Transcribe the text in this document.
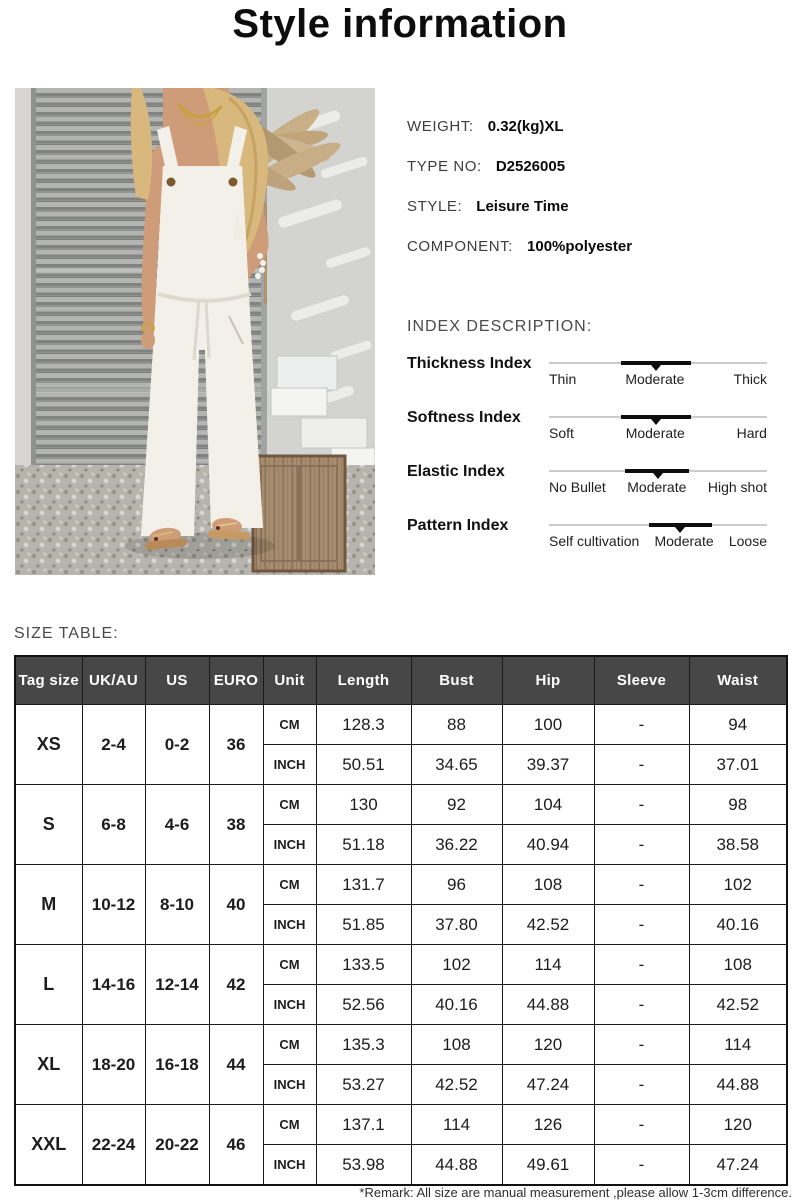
Style information
WEIGHT: 0.32(kg)XL
TYPE NO: D2526005
STYLE: Leisure Time
COMPONENT: 100%polyester
INDEX DESCRIPTION:
Thickness Index
Thin	Moderate	Thick
Softness Index
Soft	Moderate	Hard
Elastic Index
No Bullet Moderate High shot
Pattern Index
Self cultivation Moderate Loose
SIZE TABLE:
Tag size	UK/AU	US	EURO	Unit	Length	Bust	Hip	Sleeve	Waist
XS	2-4	0-2	36	CM	128.3	88	100	-	94
				INCH	50.51	34.65	39.37	-	37.01
S	6-8	4-6	38	CM	130	92	104	-	98
				INCH	51.18	36.22	40.94	-	38.58
M	10-12	8-10	40	CM	131.7	96	108	-	102
				INCH	51.85	37.80	42.52	-	40.16
L	14-16	12-14	42	CM	133.5	102	114	-	108
				INCH	52.56	40.16	44.88	-	42.52
XL	18-20	16-18	44	CM	135.3	108	120	-	114
				INCH	53.27	42.52	47.24	-	44.88
XXL	22-24	20-22	46	CM	137.1	114	126	-	120
				INCH	53.98	44.88	49.61	-	47.24
*Remark: All size are manual measurement ,please allow 1-3cm difference.
